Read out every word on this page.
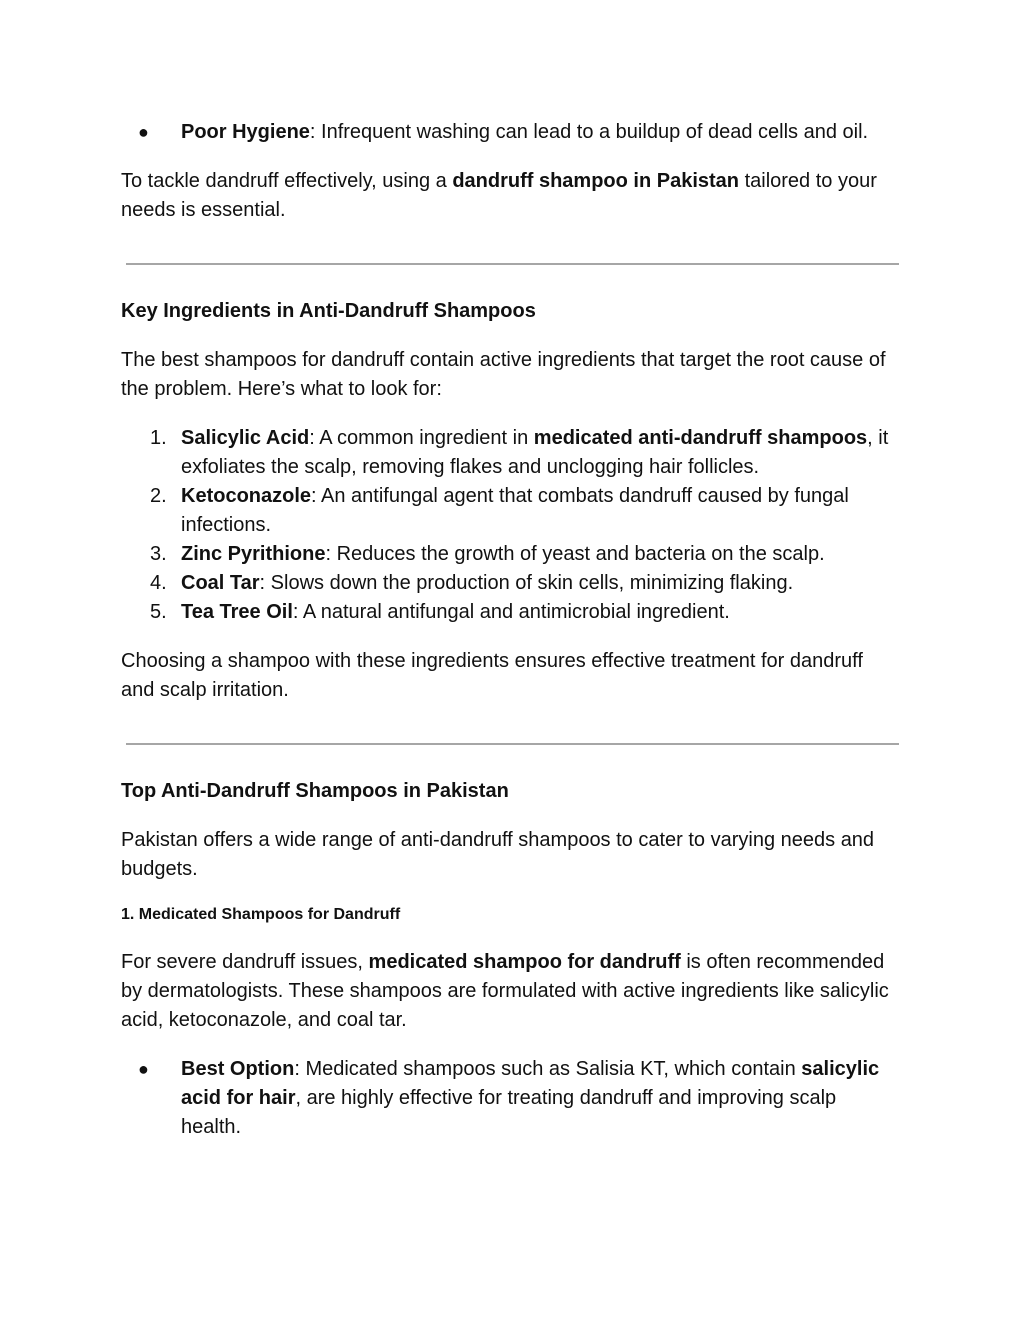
● Poor Hygiene: Infrequent washing can lead to a buildup of dead cells and oil.

To tackle dandruff effectively, using a dandruff shampoo in Pakistan tailored to your needs is essential.

Key Ingredients in Anti-Dandruff Shampoos

The best shampoos for dandruff contain active ingredients that target the root cause of the problem. Here’s what to look for:

1. Salicylic Acid: A common ingredient in medicated anti-dandruff shampoos, it exfoliates the scalp, removing flakes and unclogging hair follicles.
2. Ketoconazole: An antifungal agent that combats dandruff caused by fungal infections.
3. Zinc Pyrithione: Reduces the growth of yeast and bacteria on the scalp.
4. Coal Tar: Slows down the production of skin cells, minimizing flaking.
5. Tea Tree Oil: A natural antifungal and antimicrobial ingredient.

Choosing a shampoo with these ingredients ensures effective treatment for dandruff and scalp irritation.

Top Anti-Dandruff Shampoos in Pakistan

Pakistan offers a wide range of anti-dandruff shampoos to cater to varying needs and budgets.

1. Medicated Shampoos for Dandruff

For severe dandruff issues, medicated shampoo for dandruff is often recommended by dermatologists. These shampoos are formulated with active ingredients like salicylic acid, ketoconazole, and coal tar.

● Best Option: Medicated shampoos such as Salisia KT, which contain salicylic acid for hair, are highly effective for treating dandruff and improving scalp health.
